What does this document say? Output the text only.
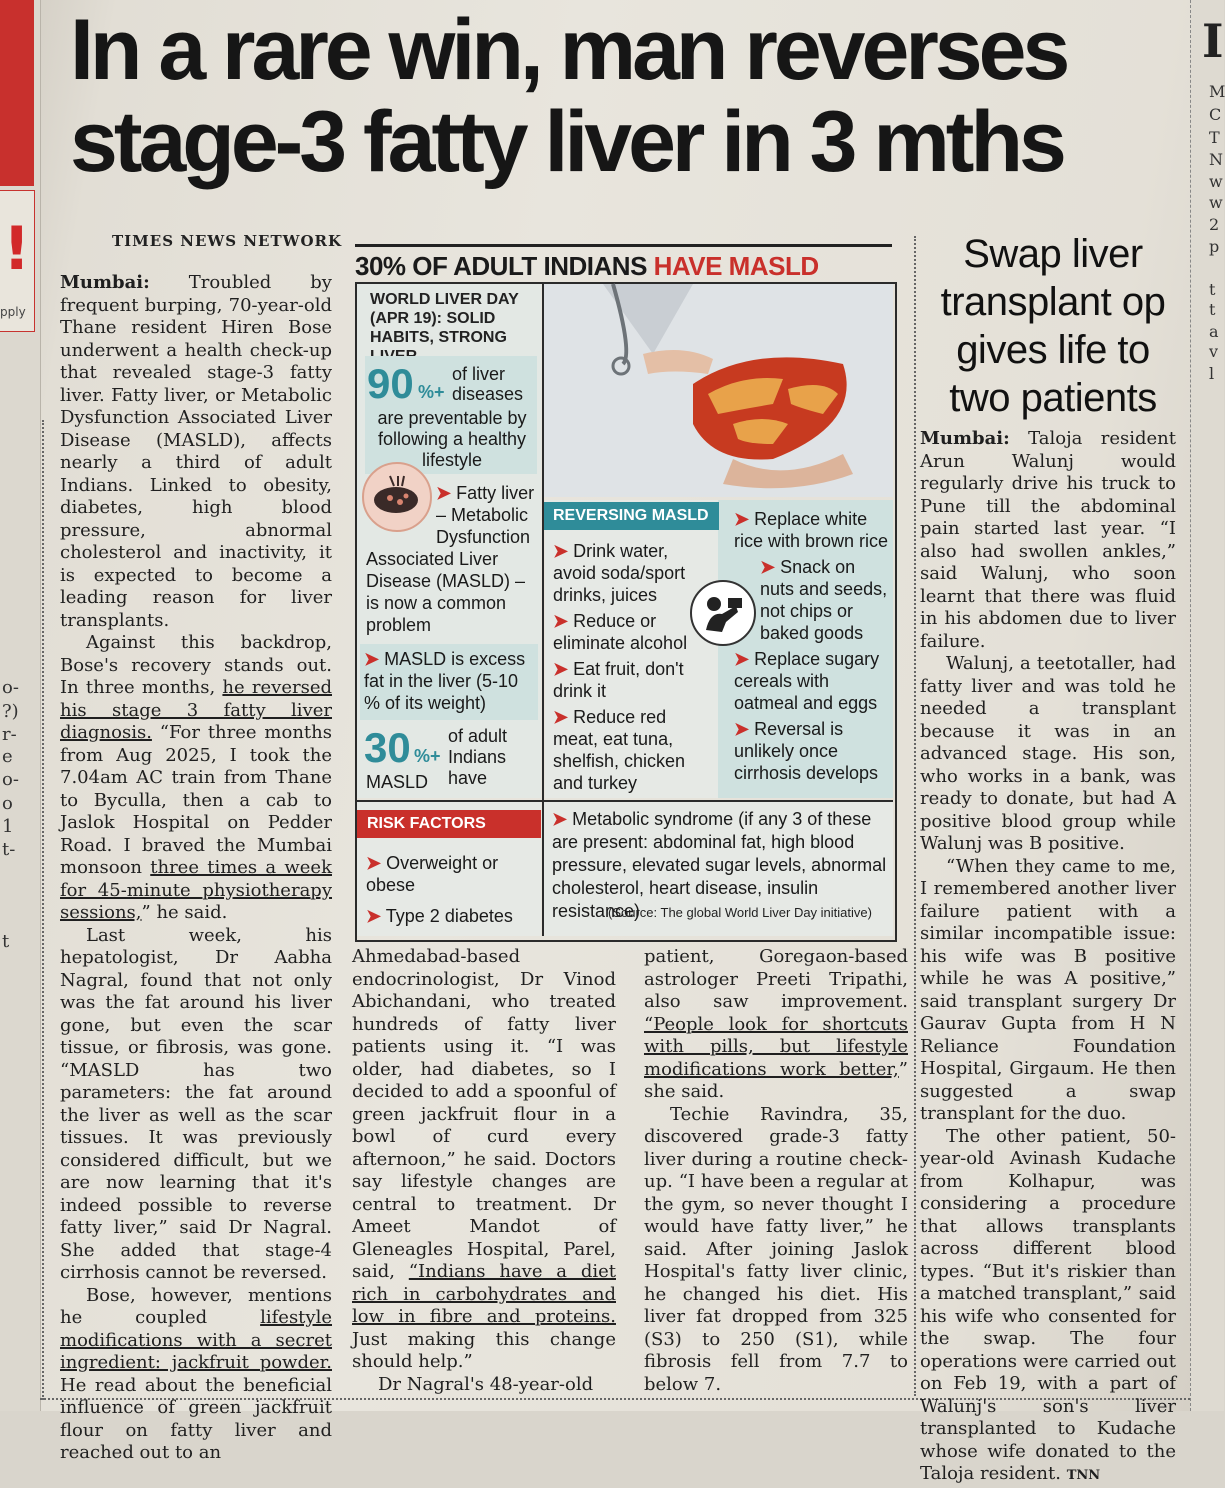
!
pply
o-
?)
r-
e
o-
o
1
t-
t
I
M
C
T
N
w
w
2
p
t
t
a
v
l
In a rare win, man reverses
stage-3 fatty liver in 3 mths
TIMES NEWS NETWORK

Mumbai: Troubled by frequent burping, 70-year-old Thane resident Hiren Bose underwent a health check-up that revealed stage-3 fatty liver. Fatty liver, or Metabolic Dysfunction Associated Liver Disease (MASLD), affects nearly a third of adult Indians. Linked to obesity, diabetes, high blood pressure, abnormal cholesterol and inactivity, it is expected to become a leading reason for liver transplants.

Against this backdrop, Bose's recovery stands out. In three months, he reversed his stage 3 fatty liver diagnosis. “For three months from Aug 2025, I took the 7.04am AC train from Thane to Byculla, then a cab to Jaslok Hospital on Pedder Road. I braved the Mumbai monsoon three times a week for 45-minute physiotherapy sessions,” he said.

Last week, his hepatologist, Dr Aabha Nagral, found that not only was the fat around his liver gone, but even the scar tissue, or fibrosis, was gone. “MASLD has two parameters: the fat around the liver as well as the scar tissues. It was previously considered difficult, but we are now learning that it's indeed possible to reverse fatty liver,” said Dr Nagral. She added that stage-4 cirrhosis cannot be reversed.

Bose, however, mentions he coupled	lifestyle modifications with a secret ingredient: jackfruit powder. He read about the beneficial influence of green jackfruit flour on fatty liver and reached out to an

30% OF ADULT INDIANS HAVE MASLD
WORLD LIVER DAY (APR 19): SOLID HABITS, STRONG
90 %+
of liver diseases
are preventable by following a healthy lifestyle
➤ Fatty liver – Metabolic Dysfunction
Associated Liver Disease (MASLD) – is now a common problem
➤ MASLD is excess fat in the liver (5-10 % of its weight)
30 %+
of adult Indians have
MASLD
REVERSING MASLD
➤ Drink water, avoid soda/sport drinks, juices
➤ Reduce or eliminate alcohol
➤ Eat fruit, don't drink it
➤ Reduce red meat, eat tuna, shelfish, chicken and turkey
➤ Replace white rice with brown rice
➤ Snack on nuts and seeds, not chips or baked goods
➤ Replace sugary cereals with oatmeal and eggs
➤ Reversal is unlikely once cirrhosis develops
RISK FACTORS
➤ Overweight or obese
➤ Type 2 diabetes
➤ Metabolic syndrome (if any 3 of these are present: abdominal fat, high blood pressure, elevated sugar levels, abnormal cholesterol, heart disease, insulin resistance)
(Source: The global World Liver Day initiative)

Ahmedabad-based endocrinologist, Dr Vinod Abichandani, who treated hundreds of fatty liver patients using it. “I was older, had diabetes, so I decided to add a spoonful of green jackfruit flour in a bowl of curd every afternoon,” he said. Doctors say lifestyle changes are central to treatment. Dr Ameet Mandot of Gleneagles Hospital, Parel, said, “Indians have a diet rich in carbohydrates and low in fibre and proteins. Just making this change should help.”

Dr Nagral's 48-year-old

patient, Goregaon-based astrologer Preeti Tripathi, also saw improvement. “People look for shortcuts with pills, but lifestyle modifications work better,” she said.

Techie Ravindra, 35, discovered grade-3 fatty liver during a routine check-up. “I have been a regular at the gym, so never thought I would have fatty liver,” he said. After joining Jaslok Hospital's fatty liver clinic, he changed his diet. His liver fat dropped from 325 (S3) to 250 (S1), while fibrosis fell from 7.7 to below 7.

Swap liver transplant op gives life to two patients

Mumbai: Taloja resident Arun Walunj would regularly drive his truck to Pune till the abdominal pain started last year. “I also had swollen ankles,” said Walunj, who soon learnt that there was fluid in his abdomen due to liver failure.

Walunj, a teetotaller, had fatty liver and was told he needed a transplant because it was in an advanced stage. His son, who works in a bank, was ready to donate, but had A positive blood group while Walunj was B positive.

“When they came to me, I remembered another liver failure patient with a similar incompatible issue: his wife was B positive while he was A positive,” said transplant surgery Dr Gaurav Gupta from H N Reliance Foundation Hospital, Girgaum. He then suggested a swap transplant for the duo.

The other patient, 50-year-old Avinash Kudache from Kolhapur, was considering a procedure that allows transplants across different blood types. “But it's riskier than a matched transplant,” said his wife who consented for the swap. The four operations were carried out on Feb 19, with a part of Walunj's son's liver transplanted to Kudache whose wife donated to the Taloja resident. TNN
